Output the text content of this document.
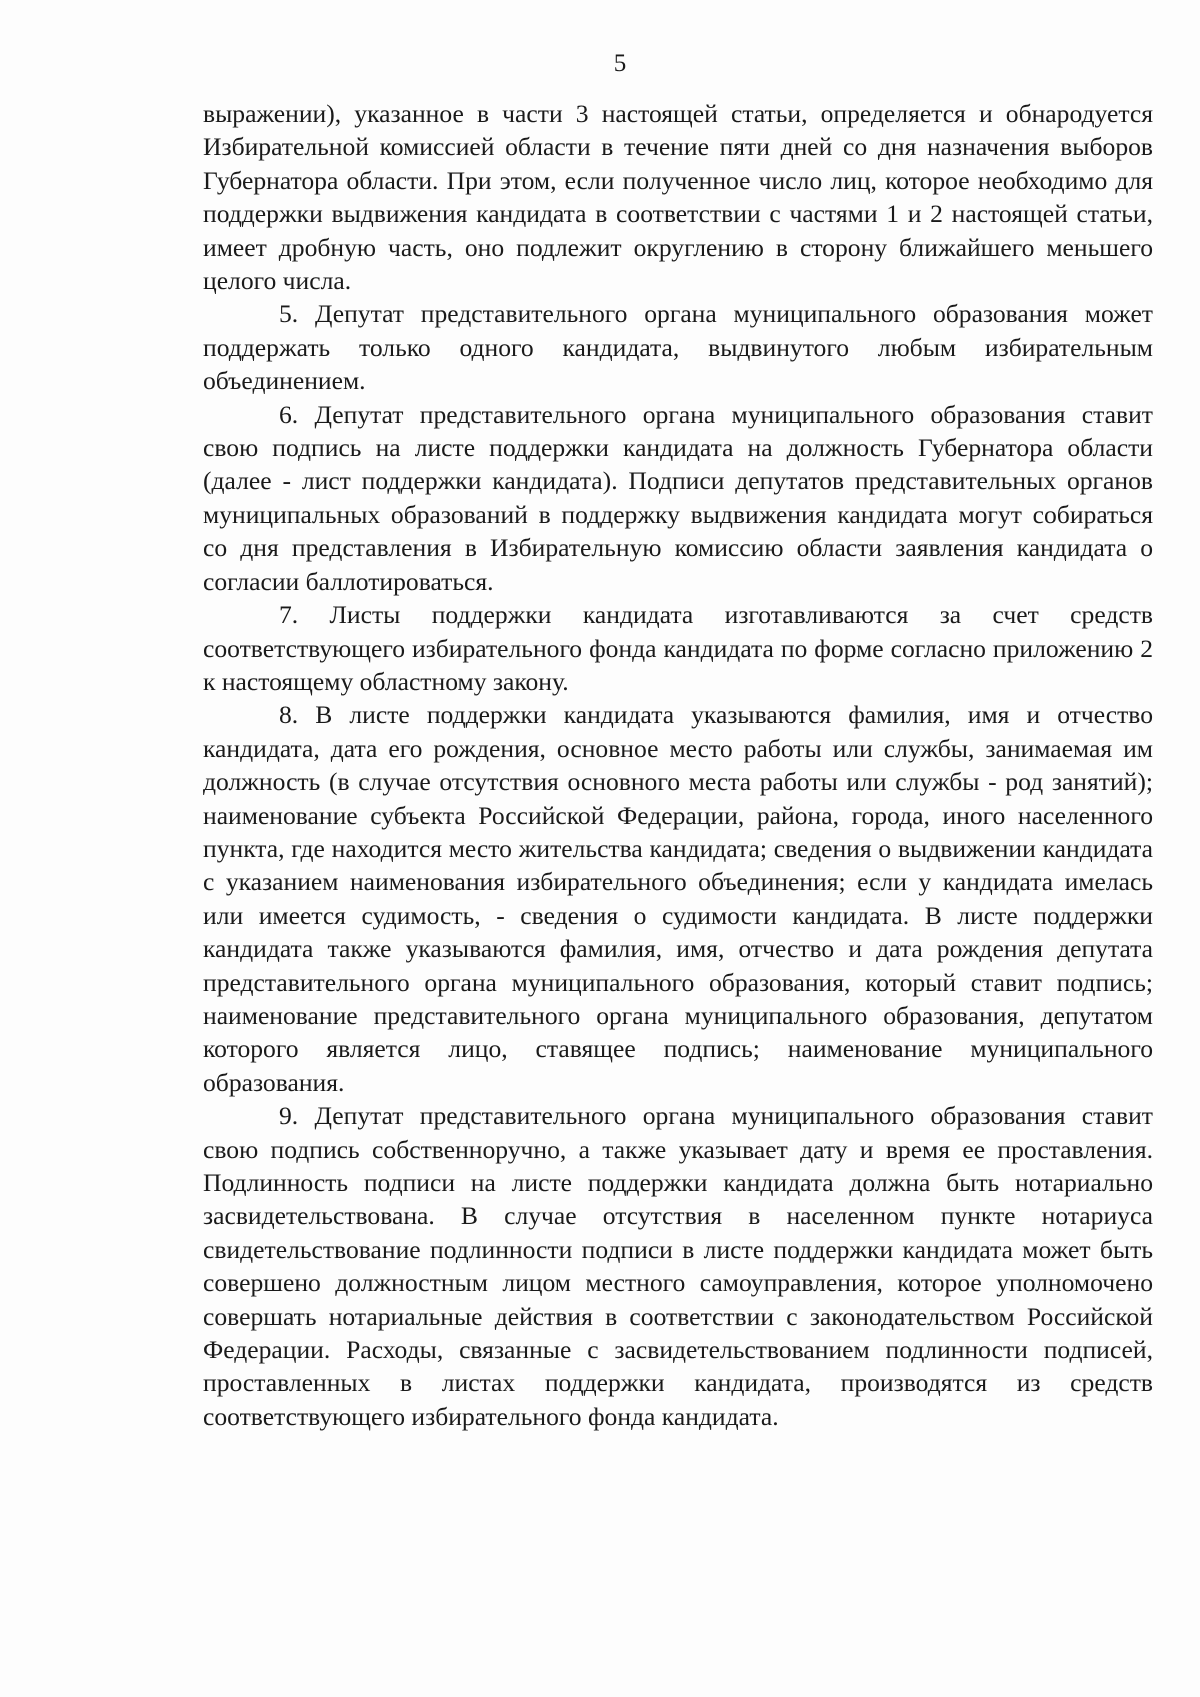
5

выражении), указанное в части 3 настоящей статьи, определяется и обнародуется Избирательной комиссией области в течение пяти дней со дня назначения выборов Губернатора области. При этом, если полученное число лиц, которое необходимо для поддержки выдвижения кандидата в соответствии с частями 1 и 2 настоящей статьи, имеет дробную часть, оно подлежит округлению в сторону ближайшего меньшего целого числа.

5. Депутат представительного органа муниципального образования может поддержать только одного кандидата, выдвинутого любым избирательным объединением.

6. Депутат представительного органа муниципального образования ставит свою подпись на листе поддержки кандидата на должность Губернатора области (далее - лист поддержки кандидата). Подписи депутатов представительных органов муниципальных образований в поддержку выдвижения кандидата могут собираться со дня представления в Избирательную комиссию области заявления кандидата о согласии баллотироваться.

7. Листы поддержки кандидата изготавливаются за счет средств соответствующего избирательного фонда кандидата по форме согласно приложению 2 к настоящему областному закону.

8. В листе поддержки кандидата указываются фамилия, имя и отчество кандидата, дата его рождения, основное место работы или службы, занимаемая им должность (в случае отсутствия основного места работы или службы - род занятий); наименование субъекта Российской Федерации, района, города, иного населенного пункта, где находится место жительства кандидата; сведения о выдвижении кандидата с указанием наименования избирательного объединения; если у кандидата имелась или имеется судимость, - сведения о судимости кандидата. В листе поддержки кандидата также указываются фамилия, имя, отчество и дата рождения депутата представительного органа муниципального образования, который ставит подпись; наименование представительного органа муниципального образования, депутатом которого является лицо, ставящее подпись; наименование муниципального образования.

9. Депутат представительного органа муниципального образования ставит свою подпись собственноручно, а также указывает дату и время ее проставления. Подлинность подписи на листе поддержки кандидата должна быть нотариально засвидетельствована. В случае отсутствия в населенном пункте нотариуса свидетельствование подлинности подписи в листе поддержки кандидата может быть совершено должностным лицом местного самоуправления, которое уполномочено совершать нотариальные действия в соответствии с законодательством Российской Федерации. Расходы, связанные с засвидетельствованием подлинности подписей, проставленных в листах поддержки кандидата, производятся из средств соответствующего избирательного фонда кандидата.
